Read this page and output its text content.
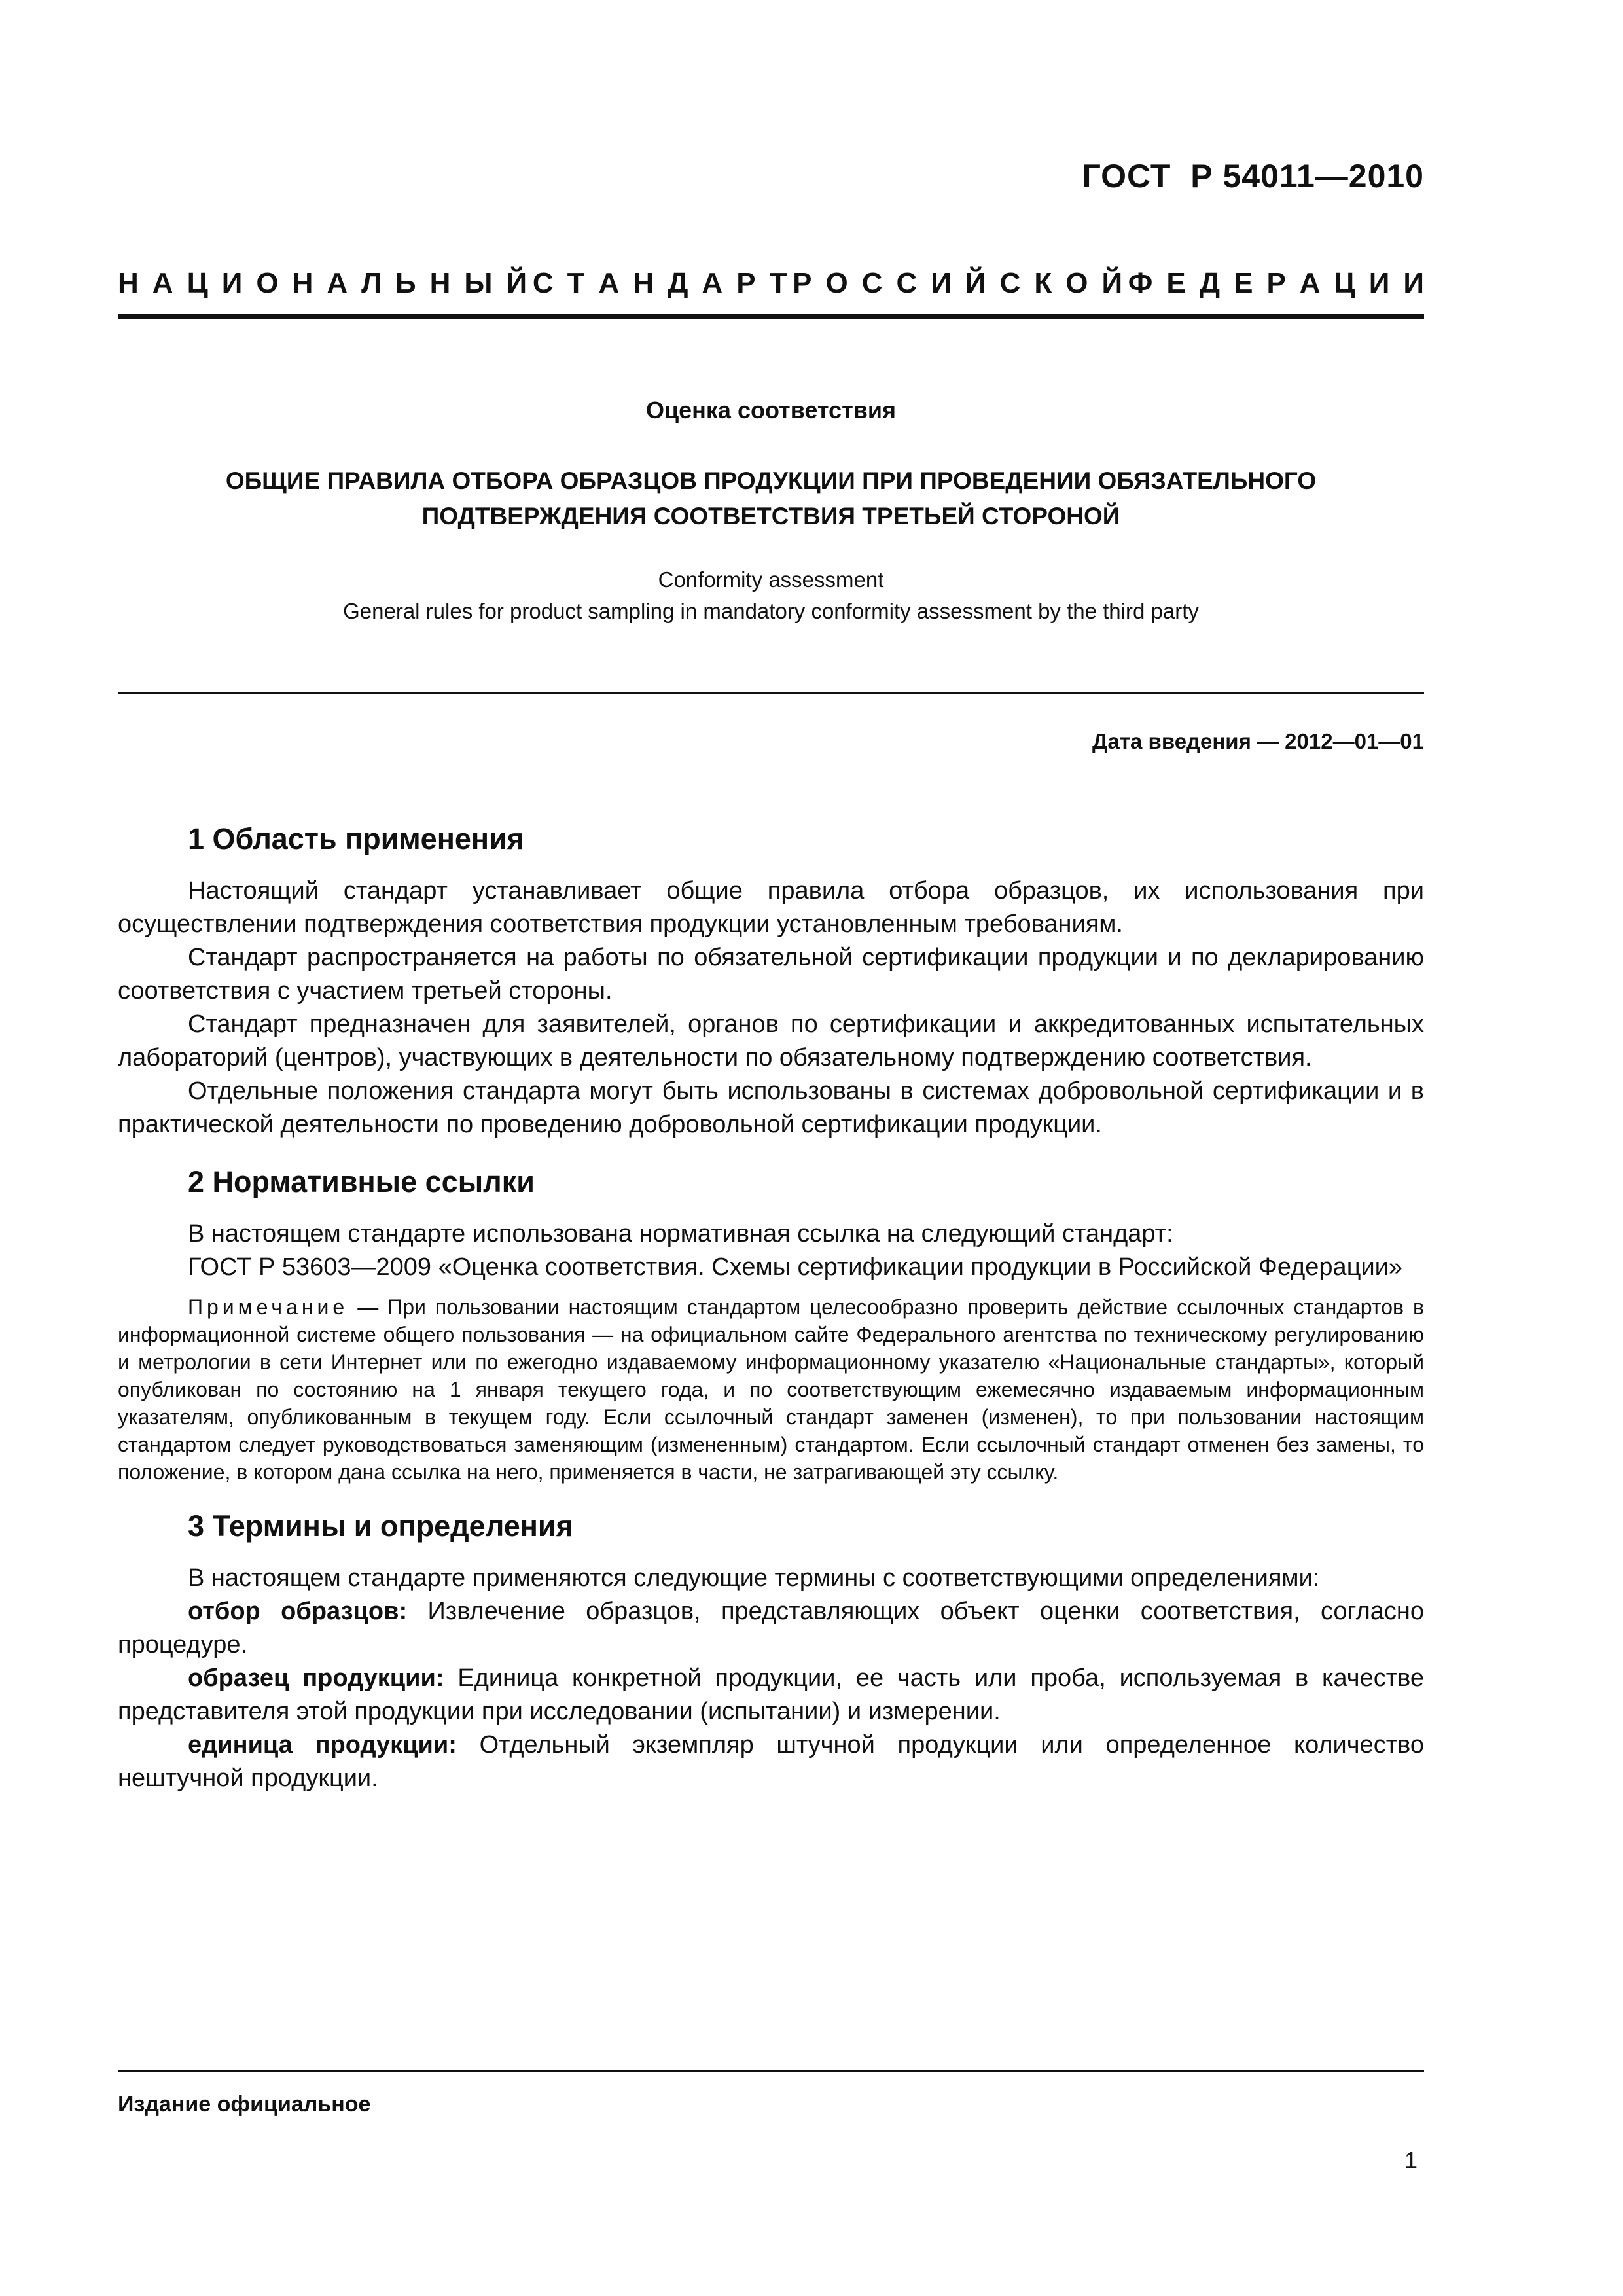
ГОСТ  Р 54011—2010
Н А Ц И О Н А Л Ь Н Ы Й С Т А Н Д А Р Т Р О С С И Й С К О Й Ф Е Д Е Р А Ц И И
Оценка соответствия
ОБЩИЕ ПРАВИЛА ОТБОРА ОБРАЗЦОВ ПРОДУКЦИИ ПРИ ПРОВЕДЕНИИ ОБЯЗАТЕЛЬНОГО
ПОДТВЕРЖДЕНИЯ СООТВЕТСТВИЯ ТРЕТЬЕЙ СТОРОНОЙ
Conformity assessment
General rules for product sampling in mandatory conformity assessment by the third party
Дата введения — 2012—01—01
1 Область применения

Настоящий стандарт устанавливает общие правила отбора образцов, их использования при осуществлении подтверждения соответствия продукции установленным требованиям.

Стандарт распространяется на работы по обязательной сертификации продукции и по декларированию соответствия с участием третьей стороны.

Стандарт предназначен для заявителей, органов по сертификации и аккредитованных испытательных лабораторий (центров), участвующих в деятельности по обязательному подтверждению соответствия.

Отдельные положения стандарта могут быть использованы в системах добровольной сертификации и в практической деятельности по проведению добровольной сертификации продукции.

2 Нормативные ссылки

В настоящем стандарте использована нормативная ссылка на следующий стандарт:

ГОСТ Р 53603—2009 «Оценка соответствия. Схемы сертификации продукции в Российской Федерации»

Примечание — При пользовании настоящим стандартом целесообразно проверить действие ссылочных стандартов в информационной системе общего пользования — на официальном сайте Федерального агентства по техническому регулированию и метрологии в сети Интернет или по ежегодно издаваемому информационному указателю «Национальные стандарты», который опубликован по состоянию на 1 января текущего года, и по соответствующим ежемесячно издаваемым информационным указателям, опубликованным в текущем году. Если ссылочный стандарт заменен (изменен), то при пользовании настоящим стандартом следует руководствоваться заменяющим (измененным) стандартом. Если ссылочный стандарт отменен без замены, то положение, в котором дана ссылка на него, применяется в части, не затрагивающей эту ссылку.
3 Термины и определения

В настоящем стандарте применяются следующие термины с соответствующими определениями:

отбор образцов: Извлечение образцов, представляющих объект оценки соответствия, согласно процедуре.

образец продукции: Единица конкретной продукции, ее часть или проба, используемая в качестве представителя этой продукции при исследовании (испытании) и измерении.

единица продукции: Отдельный экземпляр штучной продукции или определенное количество нештучной продукции.

Издание официальное
1
